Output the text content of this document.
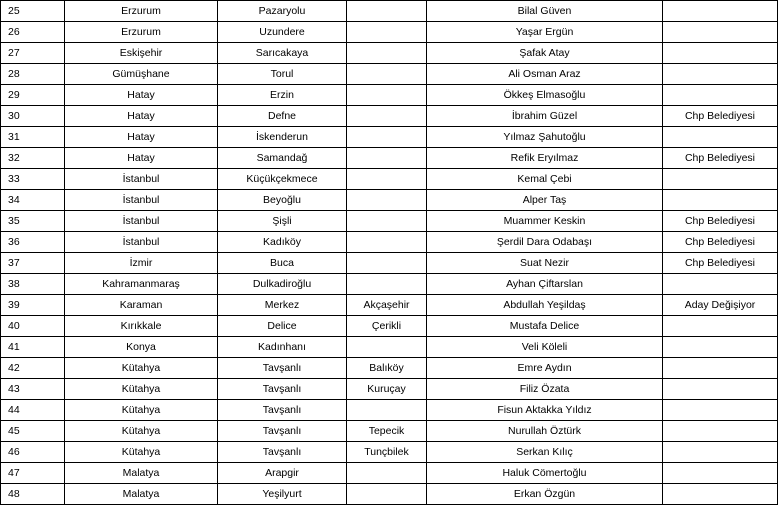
25	Erzurum	Pazaryolu		Bilal Güven	
26	Erzurum	Uzundere		Yaşar Ergün	
27	Eskişehir	Sarıcakaya		Şafak Atay	
28	Gümüşhane	Torul		Ali Osman Araz	
29	Hatay	Erzin		Ökkeş Elmasoğlu	
30	Hatay	Defne		İbrahim Güzel	Chp Belediyesi
31	Hatay	İskenderun		Yılmaz Şahutoğlu	
32	Hatay	Samandağ		Refik Eryılmaz	Chp Belediyesi
33	İstanbul	Küçükçekmece		Kemal Çebi	
34	İstanbul	Beyoğlu		Alper Taş	
35	İstanbul	Şişli		Muammer Keskin	Chp Belediyesi
36	İstanbul	Kadıköy		Şerdil Dara Odabaşı	Chp Belediyesi
37	İzmir	Buca		Suat Nezir	Chp Belediyesi
38	Kahramanmaraş	Dulkadiroğlu		Ayhan Çiftarslan	
39	Karaman	Merkez	Akçaşehir	Abdullah Yeşildaş	Aday Değişiyor
40	Kırıkkale	Delice	Çerikli	Mustafa Delice	
41	Konya	Kadınhanı		Veli Köleli	
42	Kütahya	Tavşanlı	Balıköy	Emre Aydın	
43	Kütahya	Tavşanlı	Kuruçay	Filiz Özata	
44	Kütahya	Tavşanlı		Fisun Aktakka Yıldız	
45	Kütahya	Tavşanlı	Tepecik	Nurullah Öztürk	
46	Kütahya	Tavşanlı	Tunçbilek	Serkan Kılıç	
47	Malatya	Arapgir		Haluk Cömertoğlu	
48	Malatya	Yeşilyurt		Erkan Özgün	
